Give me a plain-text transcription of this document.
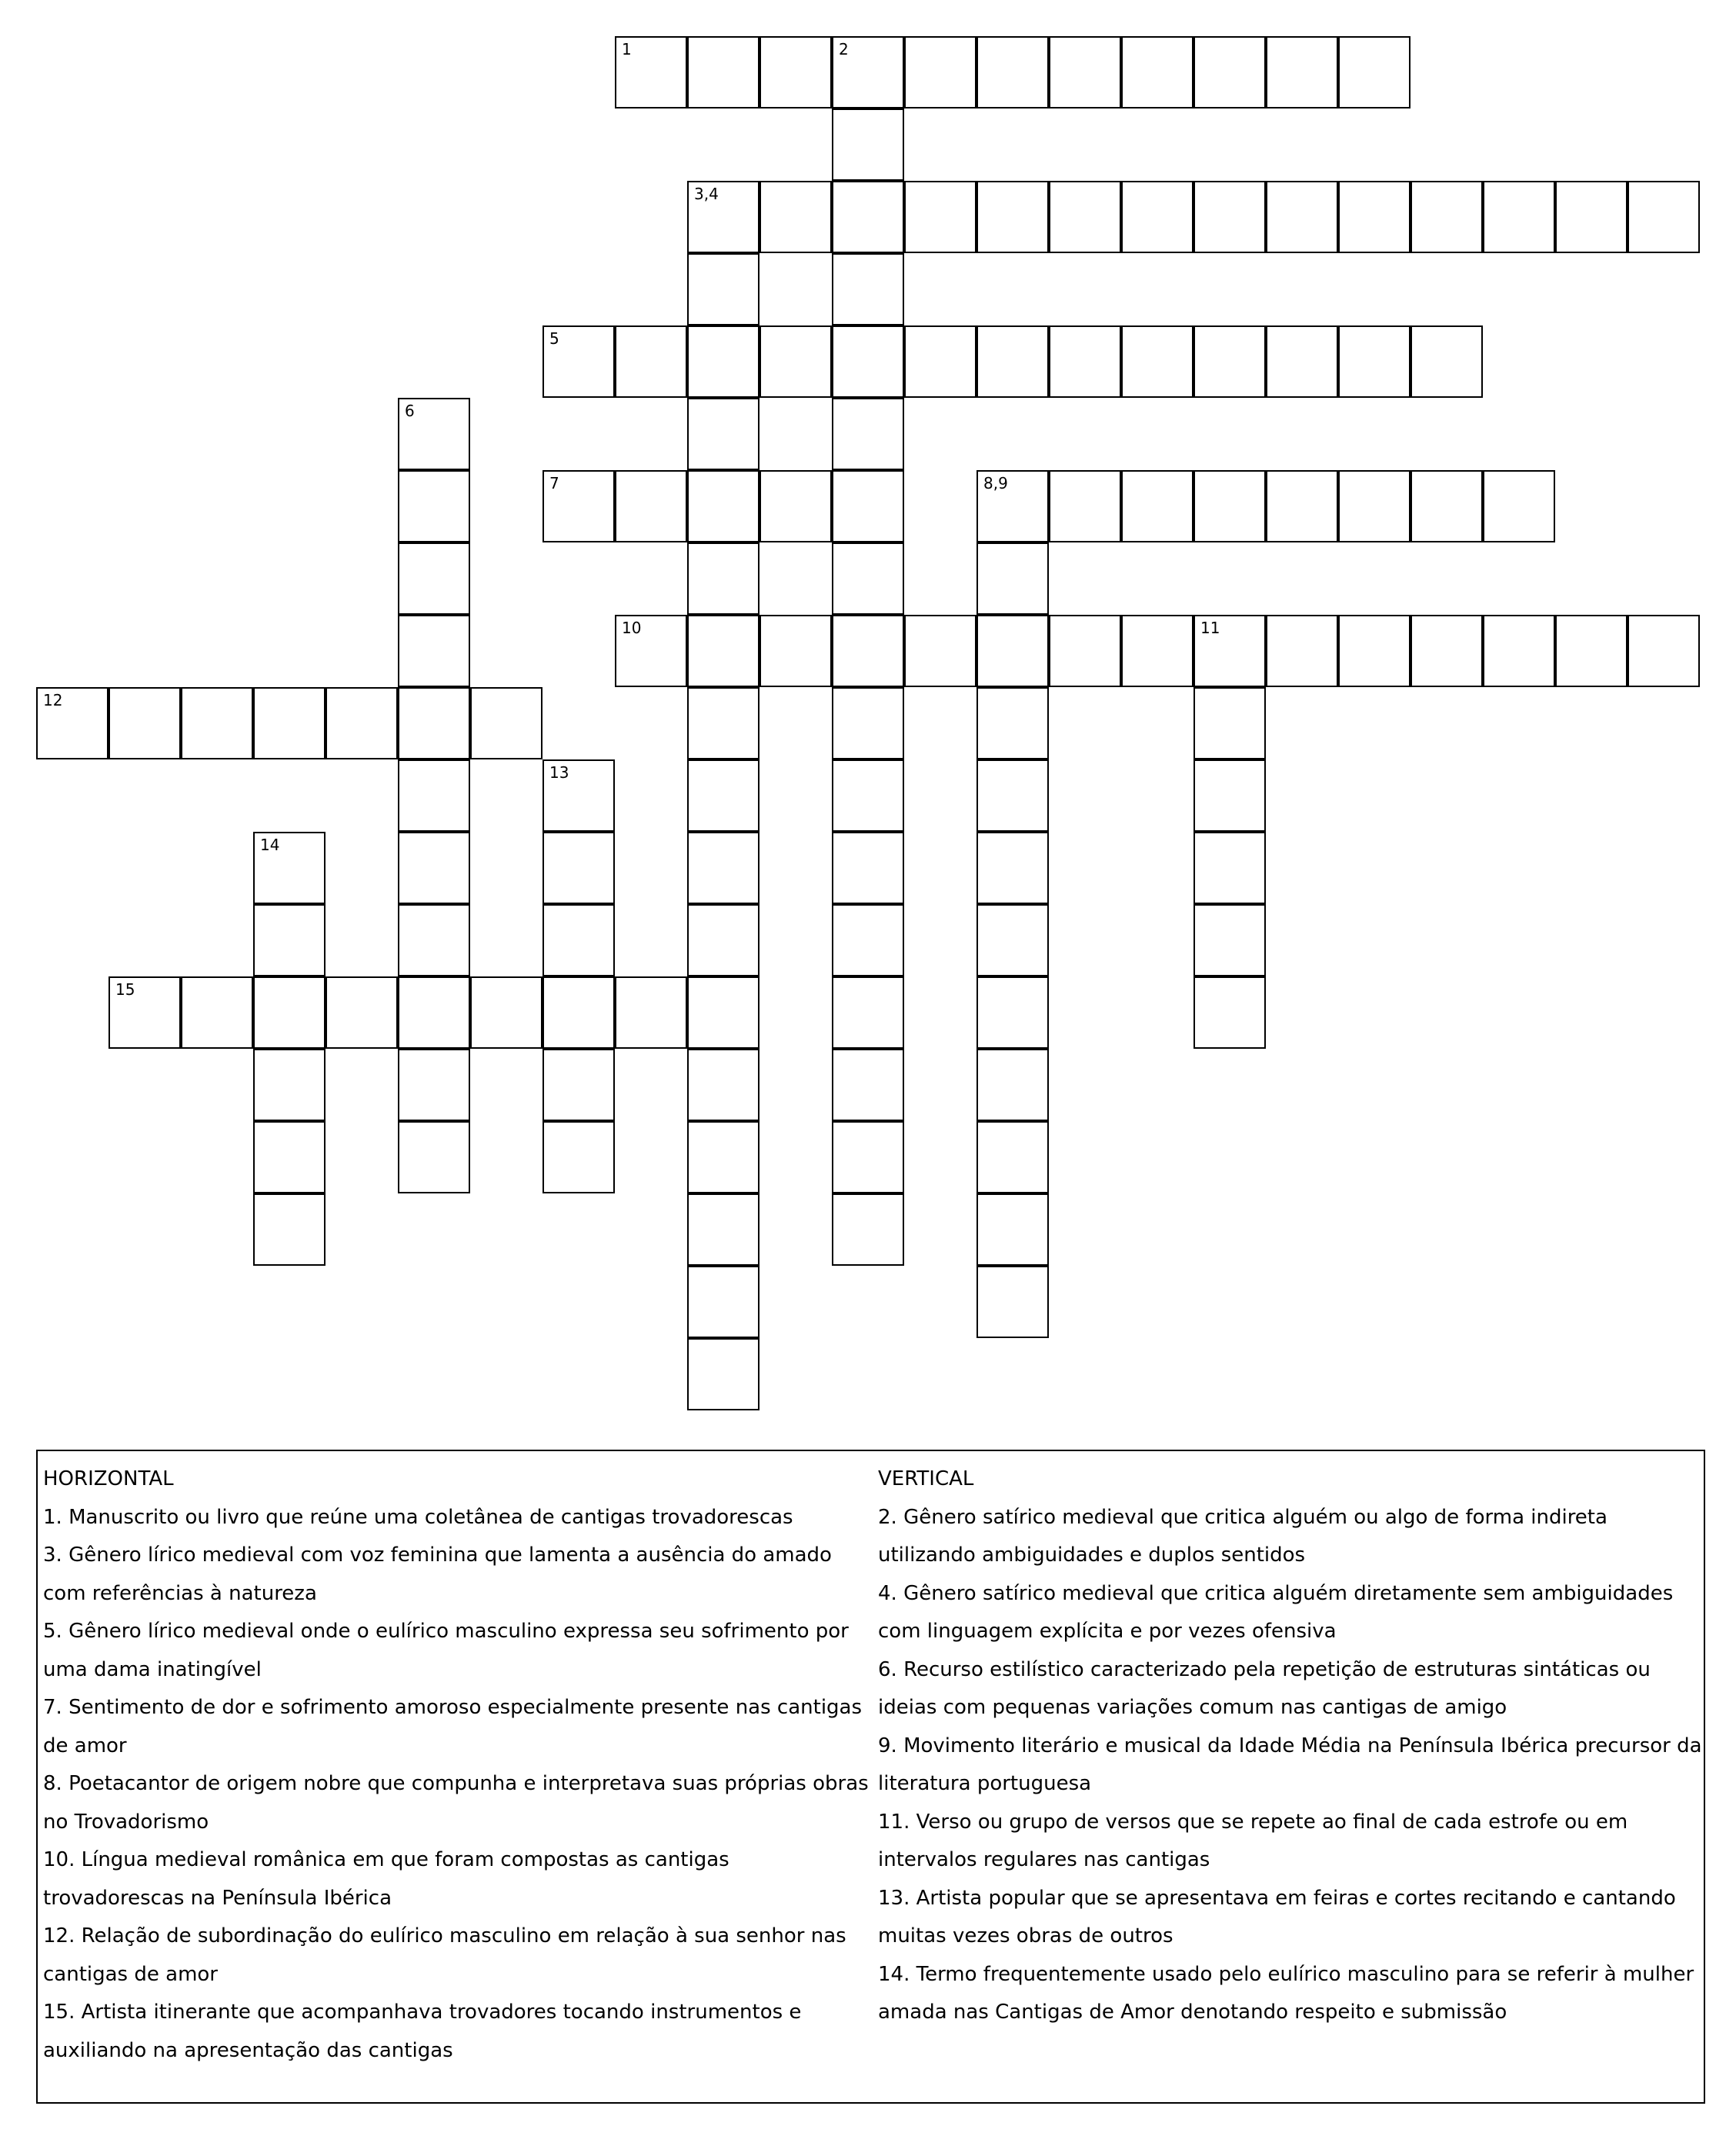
1	2
3,4
5
6
7	8,9
10	11
12
13
14
15

HORIZONTAL

1. Manuscrito ou livro que reúne uma coletânea de cantigas trovadorescas

3. Gênero lírico medieval com voz feminina que lamenta a ausência do amado com referências à natureza

5. Gênero lírico medieval onde o eulírico masculino expressa seu sofrimento por uma dama inatingível

7. Sentimento de dor e sofrimento amoroso especialmente presente nas cantigas de amor

8. Poetacantor de origem nobre que compunha e interpretava suas próprias obras no Trovadorismo

10. Língua medieval românica em que foram compostas as cantigas trovadorescas na Península Ibérica

12. Relação de subordinação do eulírico masculino em relação à sua senhor nas cantigas de amor

15. Artista itinerante que acompanhava trovadores tocando instrumentos e auxiliando na apresentação das cantigas

VERTICAL

2. Gênero satírico medieval que critica alguém ou algo de forma indireta utilizando ambiguidades e duplos sentidos

4. Gênero satírico medieval que critica alguém diretamente sem ambiguidades com linguagem explícita e por vezes ofensiva

6. Recurso estilístico caracterizado pela repetição de estruturas sintáticas ou ideias com pequenas variações comum nas cantigas de amigo

9. Movimento literário e musical da Idade Média na Península Ibérica precursor da literatura portuguesa

11. Verso ou grupo de versos que se repete ao final de cada estrofe ou em intervalos regulares nas cantigas

13. Artista popular que se apresentava em feiras e cortes recitando e cantando muitas vezes obras de outros

14. Termo frequentemente usado pelo eulírico masculino para se referir à mulher amada nas Cantigas de Amor denotando respeito e submissão
